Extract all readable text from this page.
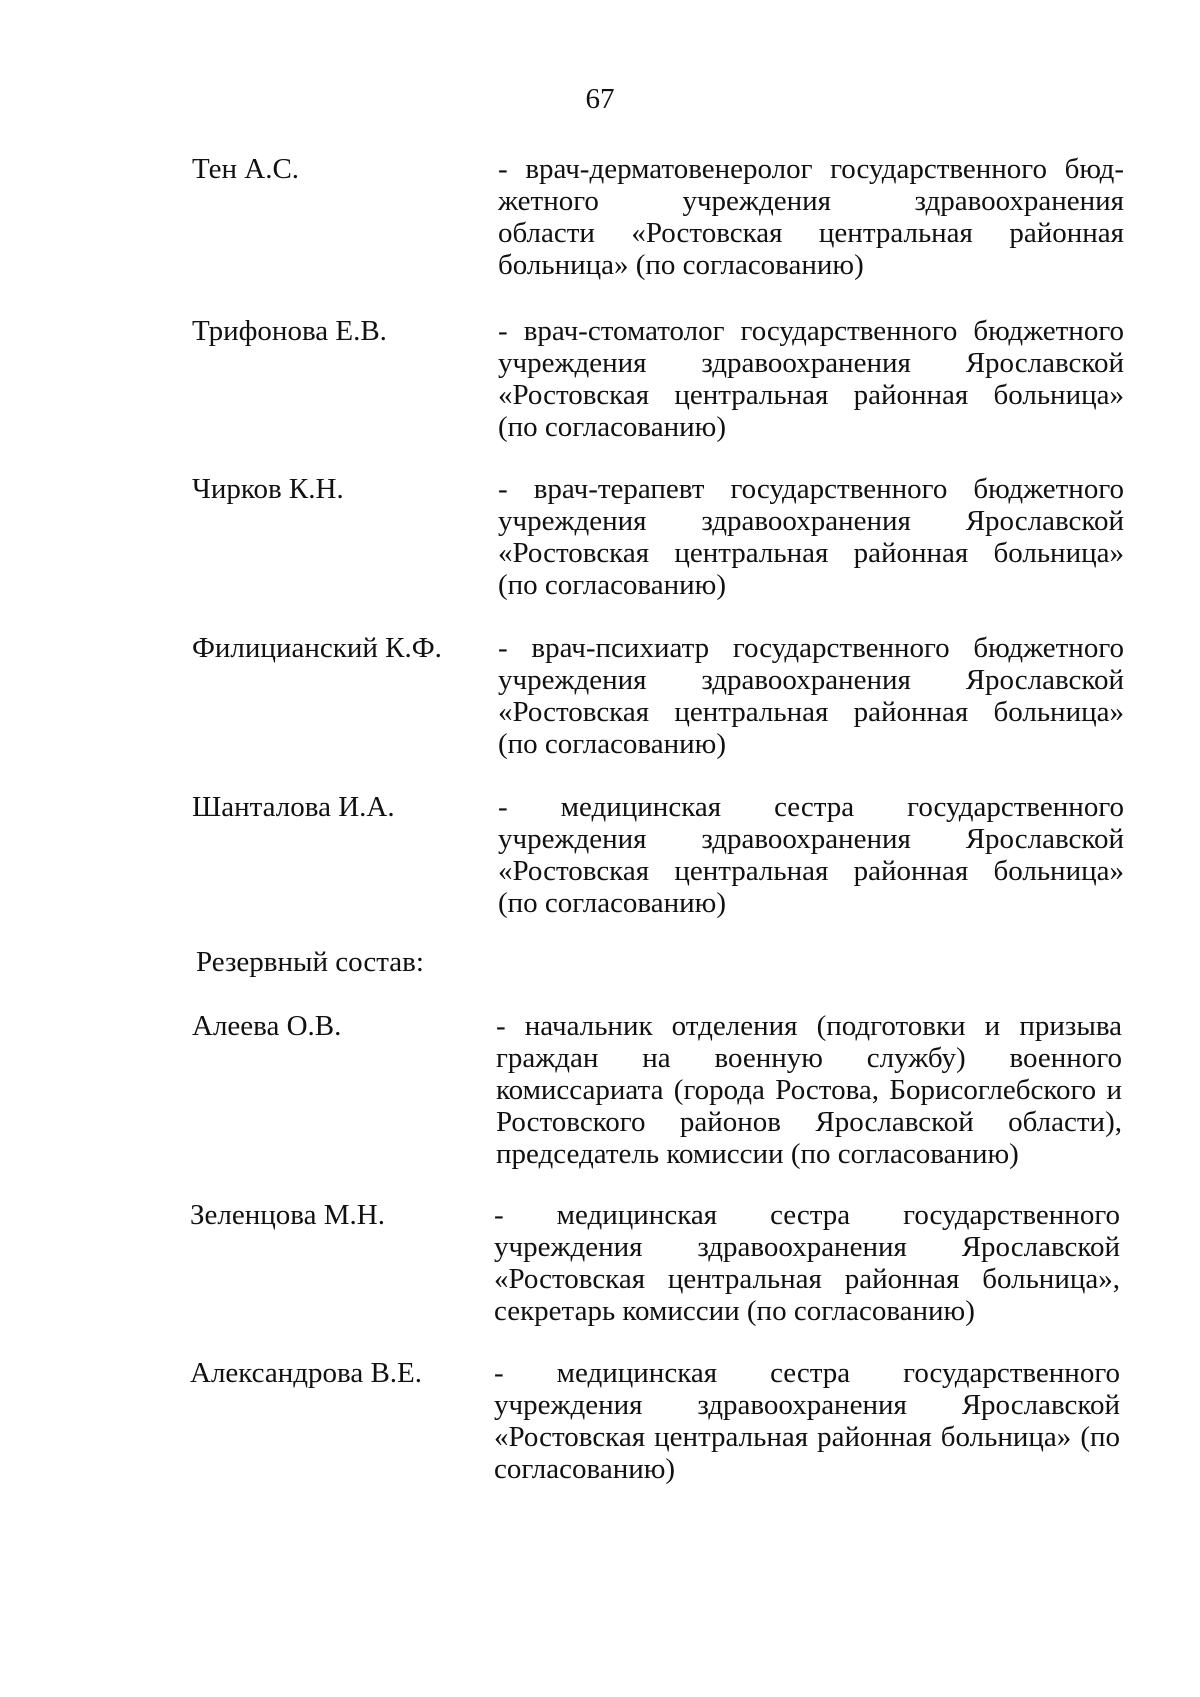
67
Тен А.С.	- врач-дерматовенеролог государственного бюд-
жетного учреждения здравоохранения
области «Ростовская центральная районная
больница» (по согласованию)
Трифонова Е.В.	- врач-стоматолог государственного бюджетного
учреждения здравоохранения Ярославской
«Ростовская центральная районная больница»
(по согласованию)
Чирков К.Н.	- врач-терапевт государственного бюджетного
учреждения здравоохранения Ярославской
«Ростовская центральная районная больница»
(по согласованию)
Филицианский К.Ф. - врач-психиатр государственного бюджетного
учреждения здравоохранения Ярославской
«Ростовская центральная районная больница»
(по согласованию)
Шанталова И.А.	- медицинская сестра государственного
учреждения здравоохранения Ярославской
«Ростовская центральная районная больница»
(по согласованию)
Резервный состав:
Алеева О.В.	- начальник отделения (подготовки и призыва
граждан на военную службу) военного
комиссариата (города Ростова, Борисоглебского и
Ростовского районов Ярославской области),
председатель комиссии (по согласованию)
Зеленцова М.Н.	- медицинская сестра государственного
учреждения здравоохранения Ярославской
«Ростовская центральная районная больница»,
секретарь комиссии (по согласованию)
Александрова В.Е. - медицинская сестра государственного
учреждения здравоохранения Ярославской
«Ростовская центральная районная больница» (по
согласованию)
